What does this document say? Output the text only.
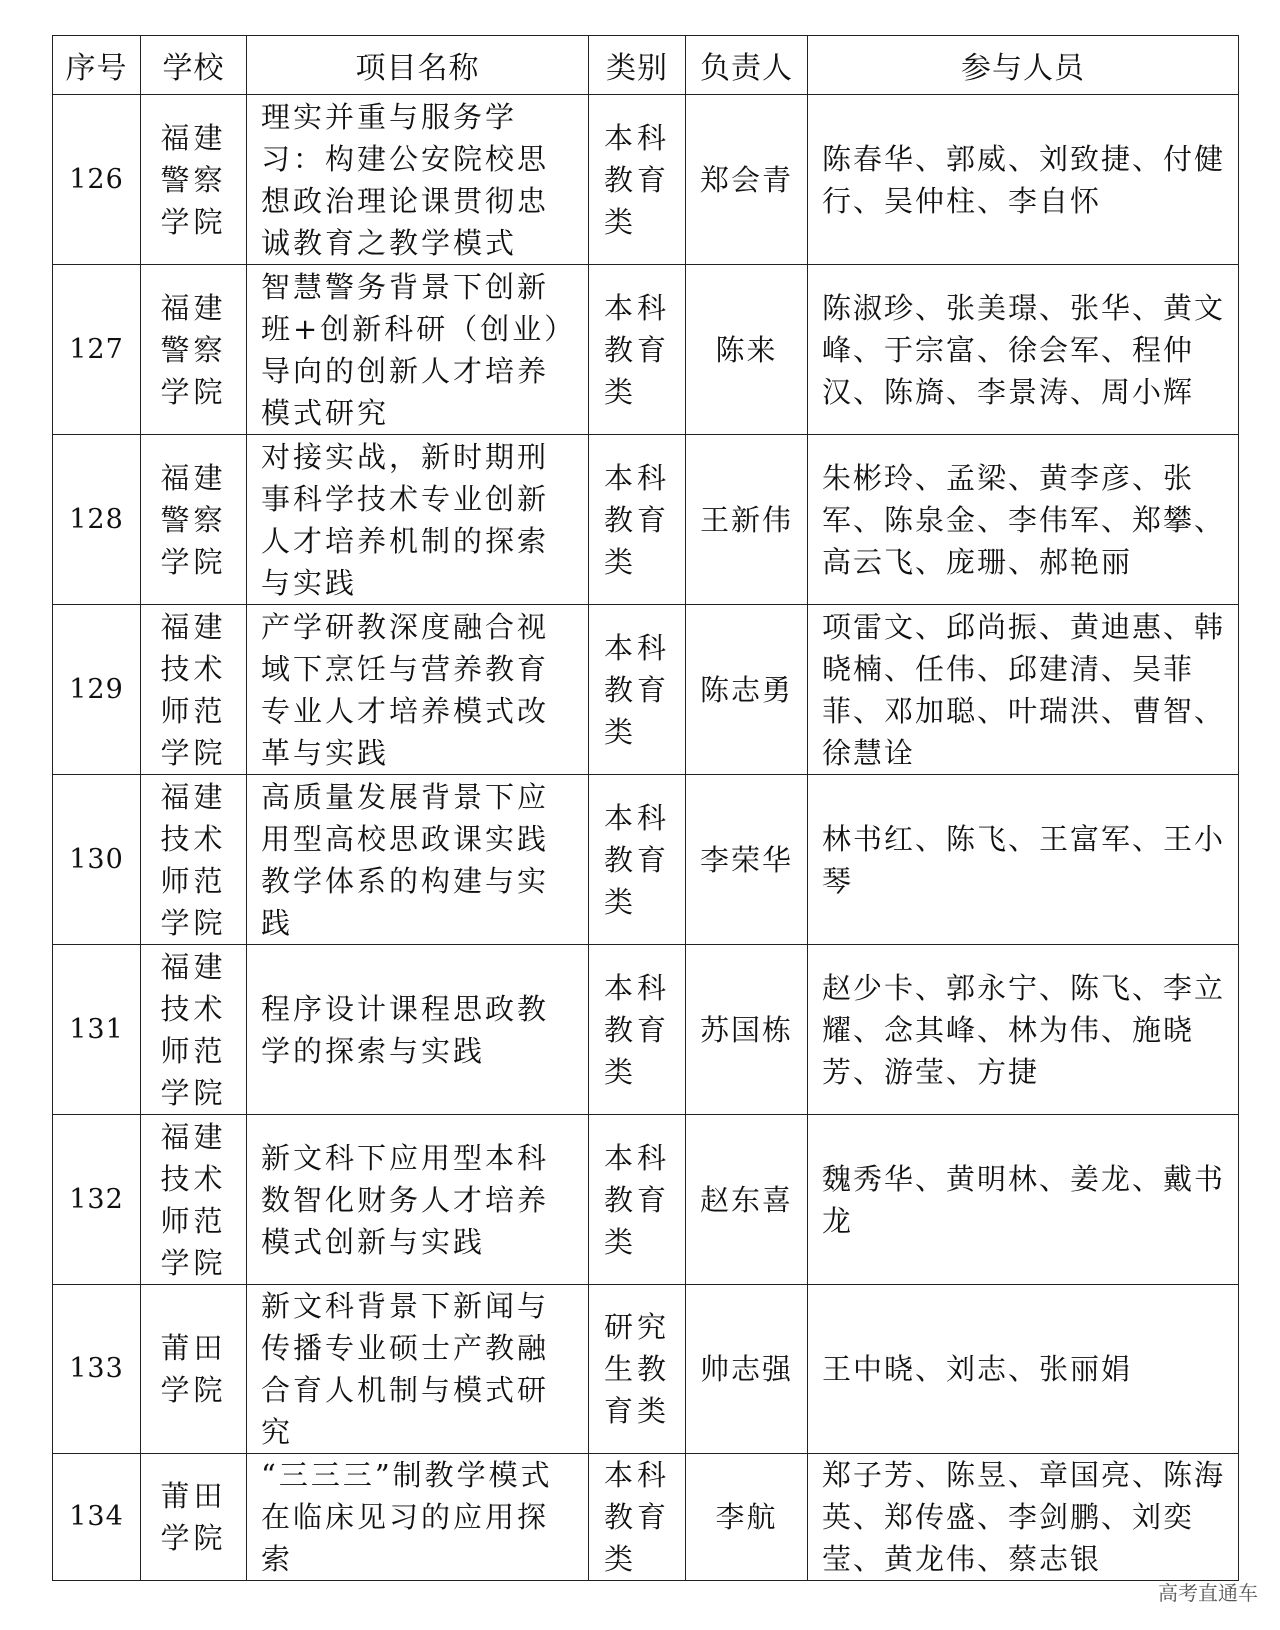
序号	学校	项目名称	类别	负责人	参与人员
126	福建警察学院	理实并重与服务学习：构建公安院校思想政治理论课贯彻忠诚教育之教学模式	本科教育类	郑会青	陈春华、郭威、刘致捷、付健行、吴仲柱、李自怀
127	福建警察学院	智慧警务背景下创新班+创新科研（创业）导向的创新人才培养模式研究	本科教育类	陈来	陈淑珍、张美璟、张华、黄文峰、于宗富、徐会军、程仲汉、陈旖、李景涛、周小辉
128	福建警察学院	对接实战，新时期刑事科学技术专业创新人才培养机制的探索与实践	本科教育类	王新伟	朱彬玲、孟梁、黄李彦、张军、陈泉金、李伟军、郑攀、高云飞、庞珊、郝艳丽
129	福建技术师范学院	产学研教深度融合视域下烹饪与营养教育专业人才培养模式改革与实践	本科教育类	陈志勇	项雷文、邱尚振、黄迪惠、韩晓楠、任伟、邱建清、吴菲菲、邓加聪、叶瑞洪、曹智、徐慧诠
130	福建技术师范学院	高质量发展背景下应用型高校思政课实践教学体系的构建与实践	本科教育类	李荣华	林书红、陈飞、王富军、王小琴
131	福建技术师范学院	程序设计课程思政教学的探索与实践	本科教育类	苏国栋	赵少卡、郭永宁、陈飞、李立耀、念其峰、林为伟、施晓芳、游莹、方捷
132	福建技术师范学院	新文科下应用型本科数智化财务人才培养模式创新与实践	本科教育类	赵东喜	魏秀华、黄明林、姜龙、戴书龙
133	莆田学院	新文科背景下新闻与传播专业硕士产教融合育人机制与模式研究	研究生教育类	帅志强	王中晓、刘志、张丽娟
134	莆田学院	“三三三”制教学模式在临床见习的应用探索	本科教育类	李航	郑子芳、陈昱、章国亮、陈海英、郑传盛、李剑鹏、刘奕莹、黄龙伟、蔡志银
高考直通车
